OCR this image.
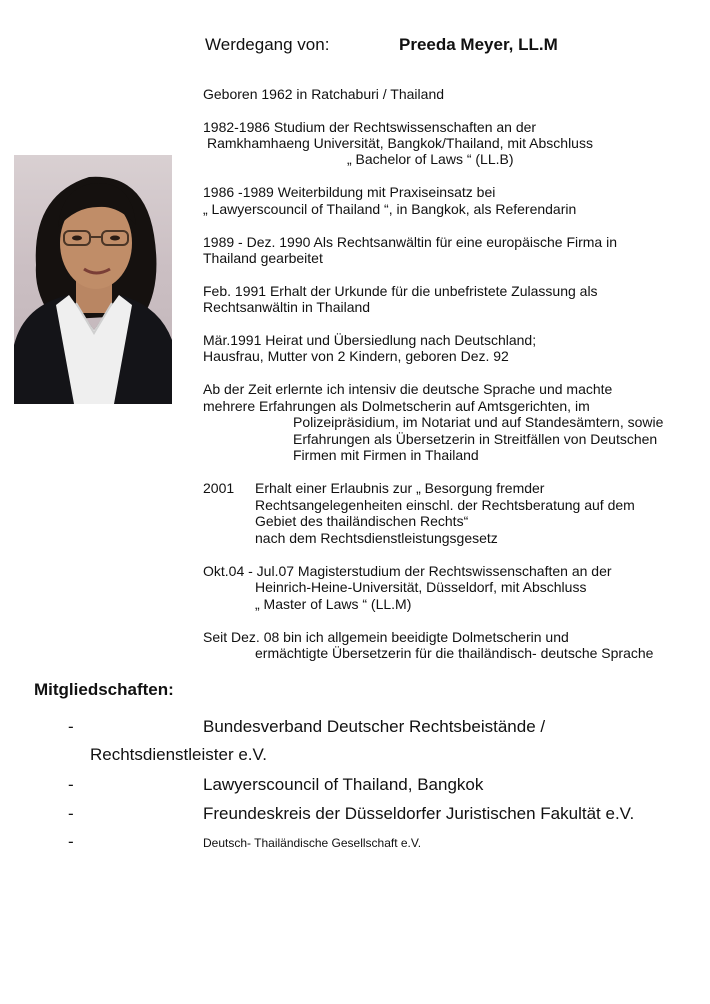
Werdegang von:	Preeda Meyer, LL.M
Geboren 1962 in Ratchaburi / Thailand
1982-1986 Studium der Rechtswissenschaften an der
Ramkhamhaeng Universität, Bangkok/Thailand, mit Abschluss
„ Bachelor of Laws “ (LL.B)
1986 -1989 Weiterbildung mit Praxiseinsatz bei
„ Lawyerscouncil of Thailand “, in Bangkok, als Referendarin
1989 - Dez. 1990 Als Rechtsanwältin für eine europäische Firma in
Thailand gearbeitet
Feb. 1991 Erhalt der Urkunde für die unbefristete Zulassung als
Rechtsanwältin in Thailand
Mär.1991 Heirat und Übersiedlung nach Deutschland;
Hausfrau, Mutter von 2 Kindern, geboren Dez. 92
Ab der Zeit erlernte ich intensiv die deutsche Sprache und machte
mehrere Erfahrungen als Dolmetscherin auf Amtsgerichten, im
Polizeipräsidium, im Notariat und auf Standesämtern, sowie
Erfahrungen als Übersetzerin in Streitfällen von Deutschen
Firmen mit Firmen in Thailand
2001 Erhalt einer Erlaubnis zur „ Besorgung fremder
Rechtsangelegenheiten einschl. der Rechtsberatung auf dem
Gebiet des thailändischen Rechts“
nach dem Rechtsdienstleistungsgesetz
Okt.04 - Jul.07 Magisterstudium der Rechtswissenschaften an der
Heinrich-Heine-Universität, Düsseldorf, mit Abschluss
„ Master of Laws “ (LL.M)
Seit Dez. 08 bin ich allgemein beeidigte Dolmetscherin und
ermächtigte Übersetzerin für die thailändisch- deutsche Sprache
Mitgliedschaften:
-	Bundesverband Deutscher Rechtsbeistände /
Rechtsdienstleister e.V.
-	Lawyerscouncil of Thailand, Bangkok
-	Freundeskreis der Düsseldorfer Juristischen Fakultät e.V.
-	Deutsch- Thailändische Gesellschaft e.V.
